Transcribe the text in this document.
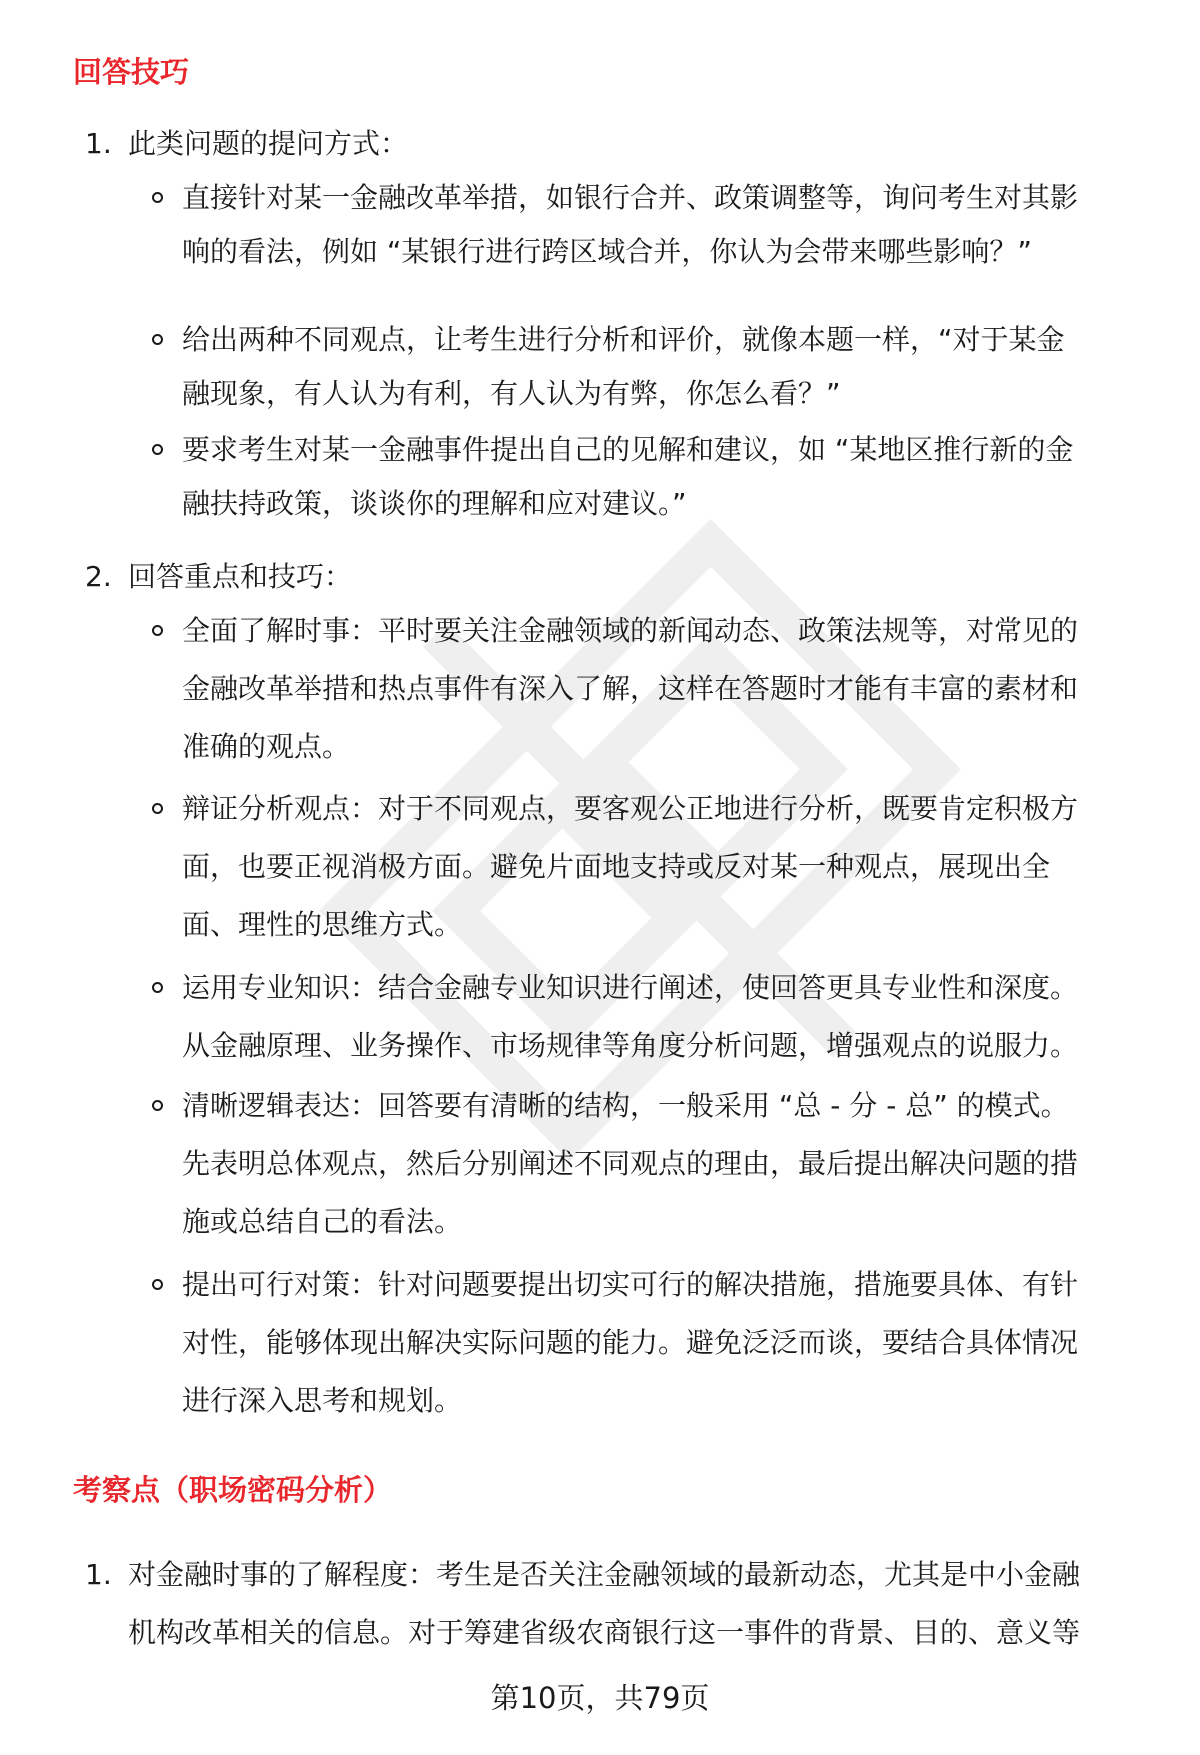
回答技巧
1. 此类问题的提问方式：
直接针对某一金融改革举措，如银行合并、政策调整等，询问考生对其影
响的看法，例如 “某银行进行跨区域合并，你认为会带来哪些影响？”
给出两种不同观点，让考生进行分析和评价，就像本题一样，“对于某金
融现象，有人认为有利，有人认为有弊，你怎么看？”
要求考生对某一金融事件提出自己的见解和建议，如 “某地区推行新的金
融扶持政策，谈谈你的理解和应对建议。”
2. 回答重点和技巧：
全面了解时事：平时要关注金融领域的新闻动态、政策法规等，对常见的
金融改革举措和热点事件有深入了解，这样在答题时才能有丰富的素材和
准确的观点。
辩证分析观点：对于不同观点，要客观公正地进行分析，既要肯定积极方
面，也要正视消极方面。避免片面地支持或反对某一种观点，展现出全
面、理性的思维方式。
运用专业知识：结合金融专业知识进行阐述，使回答更具专业性和深度。
从金融原理、业务操作、市场规律等角度分析问题，增强观点的说服力。
清晰逻辑表达：回答要有清晰的结构，一般采用 “总 - 分 - 总” 的模式。
先表明总体观点，然后分别阐述不同观点的理由，最后提出解决问题的措
施或总结自己的看法。
提出可行对策：针对问题要提出切实可行的解决措施，措施要具体、有针
对性，能够体现出解决实际问题的能力。避免泛泛而谈，要结合具体情况
进行深入思考和规划。
考察点（职场密码分析）
1. 对金融时事的了解程度：考生是否关注金融领域的最新动态，尤其是中小金融
机构改革相关的信息。对于筹建省级农商银行这一事件的背景、目的、意义等
第10页，共79页
